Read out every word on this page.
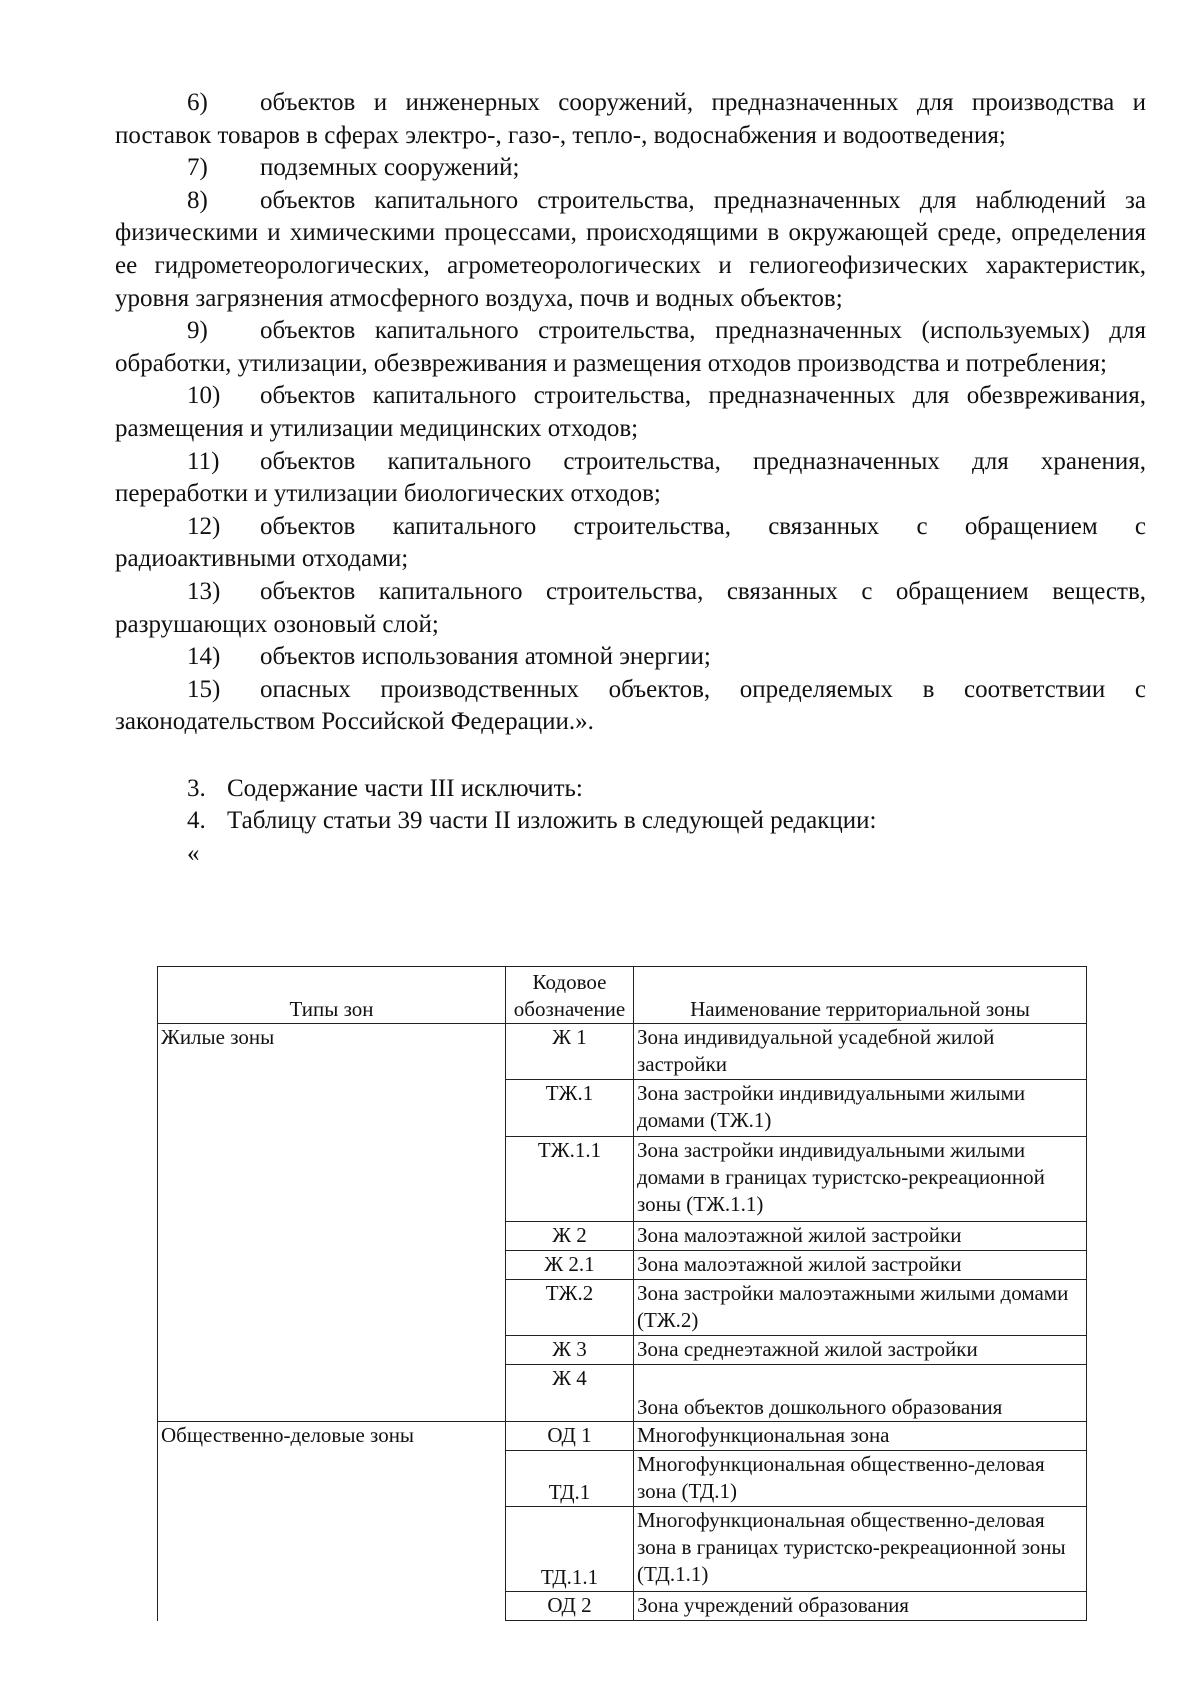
6) объектов и инженерных сооружений, предназначенных для производства и поставок товаров в сферах электро-, газо-, тепло-, водоснабжения и водоотведения;

7) подземных сооружений;

8) объектов капитального строительства, предназначенных для наблюдений за физическими и химическими процессами, происходящими в окружающей среде, определения ее гидрометеорологических, агрометеорологических и гелиогеофизических характеристик, уровня загрязнения атмосферного воздуха, почв и водных объектов;

9) объектов капитального строительства, предназначенных (используемых) для обработки, утилизации, обезвреживания и размещения отходов производства и потребления;

10) объектов капитального строительства, предназначенных для обезвреживания, размещения и утилизации медицинских отходов;

11) объектов капитального строительства, предназначенных для хранения, переработки и утилизации биологических отходов;

12) объектов капитального строительства, связанных с обращением с радиоактивными отходами;

13) объектов капитального строительства, связанных с обращением веществ, разрушающих озоновый слой;

14) объектов использования атомной энергии;

15) опасных производственных объектов, определяемых в соответствии с законодательством Российской Федерации.».

3. Содержание части III исключить:

4. Таблицу статьи 39 части II изложить в следующей редакции:

«

Типы зон	Кодовое обозначение	Наименование территориальной зоны
Жилые зоны	Ж 1	Зона индивидуальной усадебной жилой застройки
	ТЖ.1	Зона застройки индивидуальными жилыми домами (ТЖ.1)
	ТЖ.1.1	Зона застройки индивидуальными жилыми домами в границах туристско-рекреационной зоны (ТЖ.1.1)
	Ж 2	Зона малоэтажной жилой застройки
	Ж 2.1	Зона малоэтажной жилой застройки
	ТЖ.2	Зона застройки малоэтажными жилыми домами (ТЖ.2)
	Ж 3	Зона среднеэтажной жилой застройки
	Ж 4	Зона объектов дошкольного образования
Общественно-деловые зоны	ОД 1	Многофункциональная зона
	ТД.1	Многофункциональная общественно-деловая зона (ТД.1)
	ТД.1.1	Многофункциональная общественно-деловая зона в границах туристско-рекреационной зоны (ТД.1.1)
	ОД 2	Зона учреждений образования
